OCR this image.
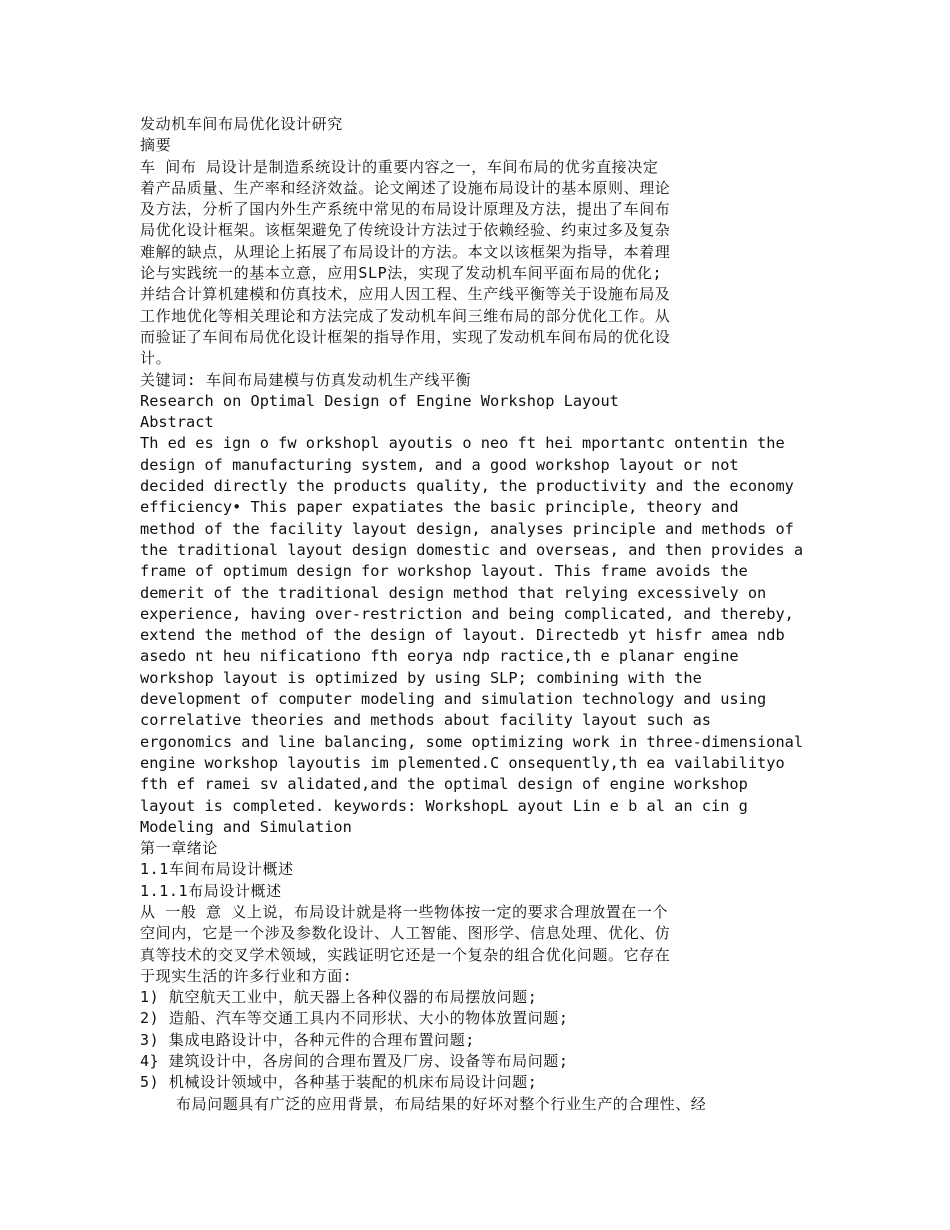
发动机车间布局优化设计研究
摘要
车 间布 局设计是制造系统设计的重要内容之一，车间布局的优劣直接决定
着产品质量、生产率和经济效益。论文阐述了设施布局设计的基本原则、理论
及方法，分析了国内外生产系统中常见的布局设计原理及方法，提出了车间布
局优化设计框架。该框架避免了传统设计方法过于依赖经验、约束过多及复杂
难解的缺点，从理论上拓展了布局设计的方法。本文以该框架为指导，本着理
论与实践统一的基本立意，应用SLP法，实现了发动机车间平面布局的优化;
并结合计算机建模和仿真技术，应用人因工程、生产线平衡等关于设施布局及
工作地优化等相关理论和方法完成了发动机车间三维布局的部分优化工作。从
而验证了车间布局优化设计框架的指导作用，实现了发动机车间布局的优化设
计。
关键词: 车间布局建模与仿真发动机生产线平衡
Research on Optimal Design of Engine Workshop Layout
Abstract
Th ed es ign o fw orkshopl ayoutis o neo ft hei mportantc ontentin the
design of manufacturing system, and a good workshop layout or not
decided directly the products quality, the productivity and the economy
efficiency• This paper expatiates the basic principle, theory and
method of the facility layout design, analyses principle and methods of
the traditional layout design domestic and overseas, and then provides a
frame of optimum design for workshop layout. This frame avoids the
demerit of the traditional design method that relying excessively on
experience, having over-restriction and being complicated, and thereby,
extend the method of the design of layout. Directedb yt hisfr amea ndb
asedo nt heu nificationo fth eorya ndp ractice,th e planar engine
workshop layout is optimized by using SLP; combining with the
development of computer modeling and simulation technology and using
correlative theories and methods about facility layout such as
ergonomics and line balancing, some optimizing work in three-dimensional
engine workshop layoutis im plemented.C onsequently,th ea vailabilityo
fth ef ramei sv alidated,and the optimal design of engine workshop
layout is completed. keywords: WorkshopL ayout Lin e b al an cin g
Modeling and Simulation
第一章绪论
1.1车间布局设计概述
1.1.1布局设计概述
从 一般 意 义上说，布局设计就是将一些物体按一定的要求合理放置在一个
空间内，它是一个涉及参数化设计、人工智能、图形学、信息处理、优化、仿
真等技术的交叉学术领域，实践证明它还是一个复杂的组合优化问题。它存在
于现实生活的许多行业和方面:
1) 航空航天工业中，航天器上各种仪器的布局摆放问题;
2) 造船、汽车等交通工具内不同形状、大小的物体放置问题;
3) 集成电路设计中，各种元件的合理布置问题;
4} 建筑设计中，各房间的合理布置及厂房、设备等布局问题;
5) 机械设计领域中，各种基于装配的机床布局设计问题;
布局问题具有广泛的应用背景，布局结果的好坏对整个行业生产的合理性、经
